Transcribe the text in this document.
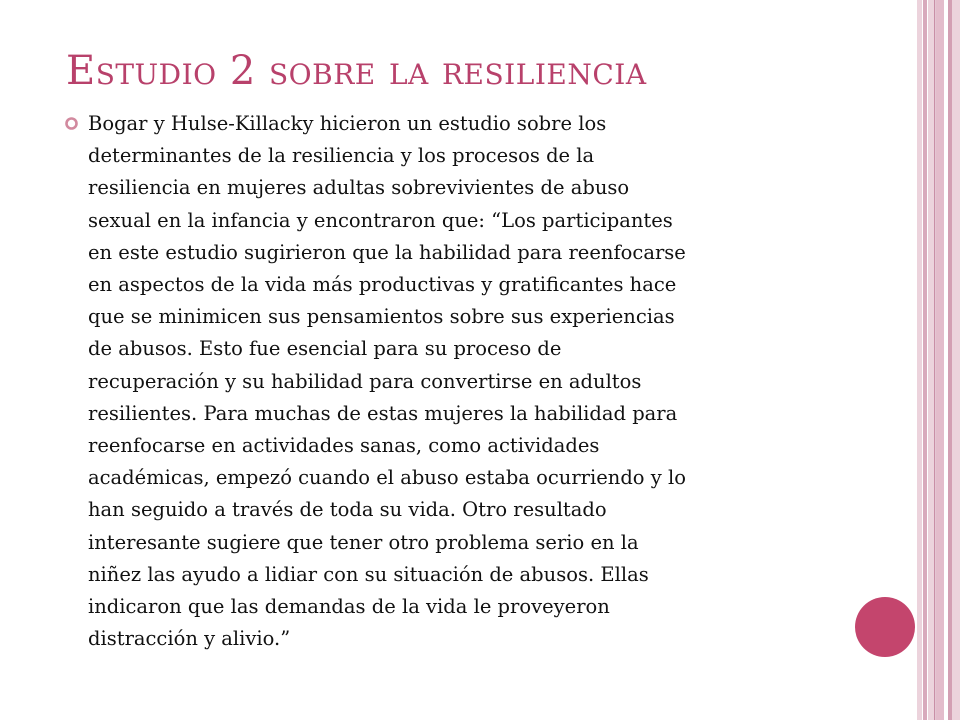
Estudio 2 sobre la resiliencia

Bogar y Hulse-Killacky hicieron un estudio sobre los
determinantes de la resiliencia y los procesos de la
resiliencia en mujeres adultas sobrevivientes de abuso
sexual en la infancia y encontraron que: “Los participantes
en este estudio sugirieron que la habilidad para reenfocarse
en aspectos de la vida más productivas y gratificantes hace
que se minimicen sus pensamientos sobre sus experiencias
de abusos. Esto fue esencial para su proceso de
recuperación y su habilidad para convertirse en adultos
resilientes. Para muchas de estas mujeres la habilidad para
reenfocarse en actividades sanas, como actividades
académicas, empezó cuando el abuso estaba ocurriendo y lo
han seguido a través de toda su vida. Otro resultado
interesante sugiere que tener otro problema serio en la
niñez las ayudo a lidiar con su situación de abusos. Ellas
indicaron que las demandas de la vida le proveyeron
distracción y alivio.”
